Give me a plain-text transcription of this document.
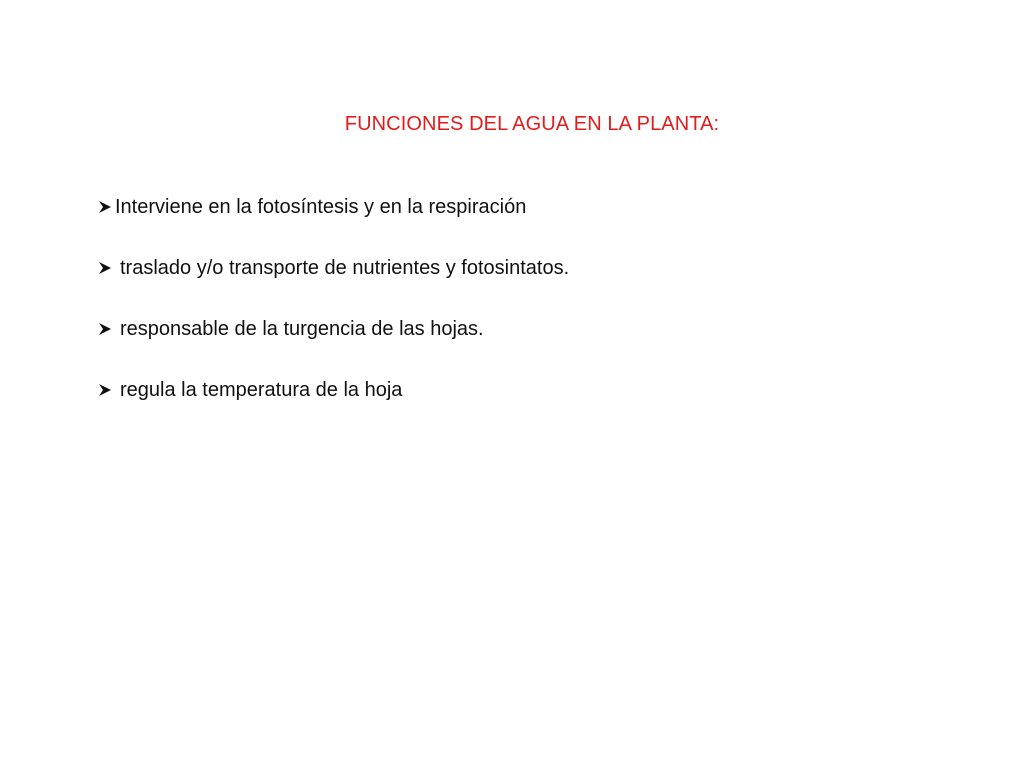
FUNCIONES DEL AGUA EN LA PLANTA:
Interviene en la fotosíntesis y en la respiración
traslado y/o transporte de nutrientes y fotosintatos.
responsable de la turgencia de las hojas.
regula la temperatura de la hoja
